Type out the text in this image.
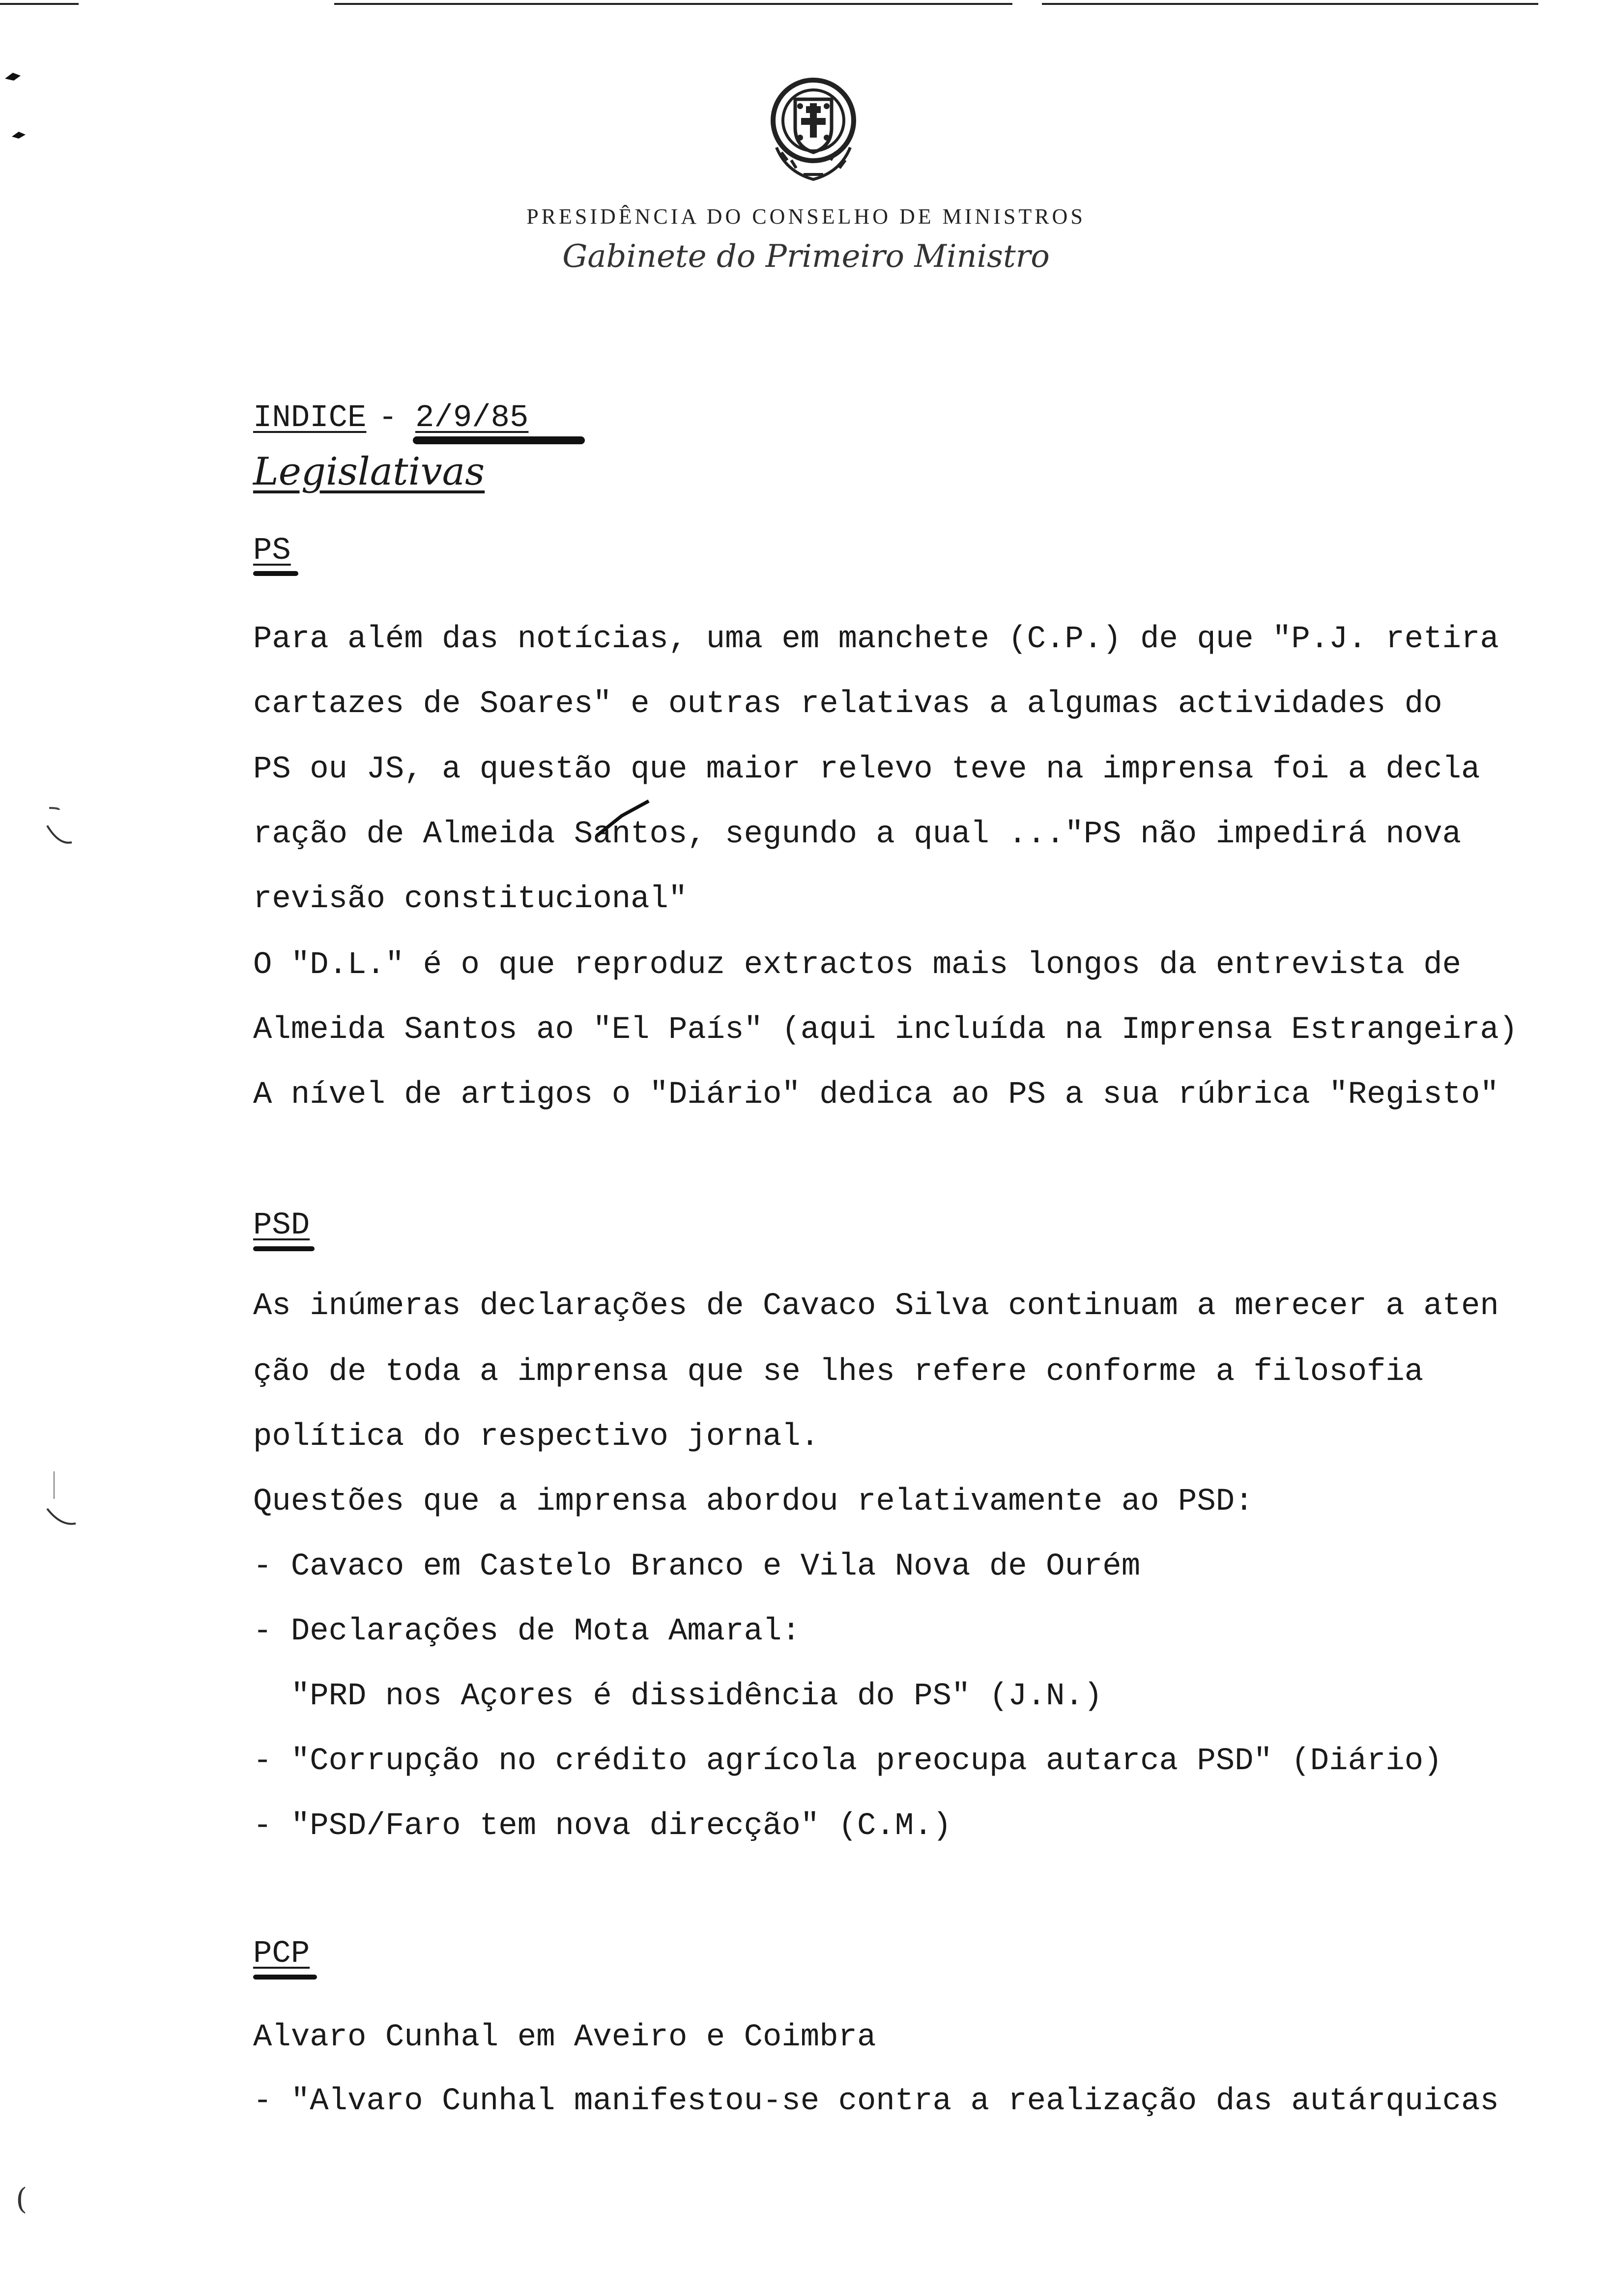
(
PRESIDÊNCIA DO CONSELHO DE MINISTROS
Gabinete do Primeiro Ministro
INDICE - 2/9/85
Legislativas
PS
Para além das notícias, uma em manchete (C.P.) de que "P.J. retira
cartazes de Soares" e outras relativas a algumas actividades do
PS ou JS, a questão que maior relevo teve na imprensa foi a decla
ração de Almeida Santos, segundo a qual ..."PS não impedirá nova
revisão constitucional"
O "D.L." é o que reproduz extractos mais longos da entrevista de
Almeida Santos ao "El País" (aqui incluída na Imprensa Estrangeira)
A nível de artigos o "Diário" dedica ao PS a sua rúbrica "Registo"
PSD
As inúmeras declarações de Cavaco Silva continuam a merecer a aten
ção de toda a imprensa que se lhes refere conforme a filosofia
política do respectivo jornal.
Questões que a imprensa abordou relativamente ao PSD:
- Cavaco em Castelo Branco e Vila Nova de Ourém
- Declarações de Mota Amaral:
"PRD nos Açores é dissidência do PS" (J.N.)
- "Corrupção no crédito agrícola preocupa autarca PSD" (Diário)
- "PSD/Faro tem nova direcção" (C.M.)
PCP
Alvaro Cunhal em Aveiro e Coimbra
- "Alvaro Cunhal manifestou-se contra a realização das autárquicas
